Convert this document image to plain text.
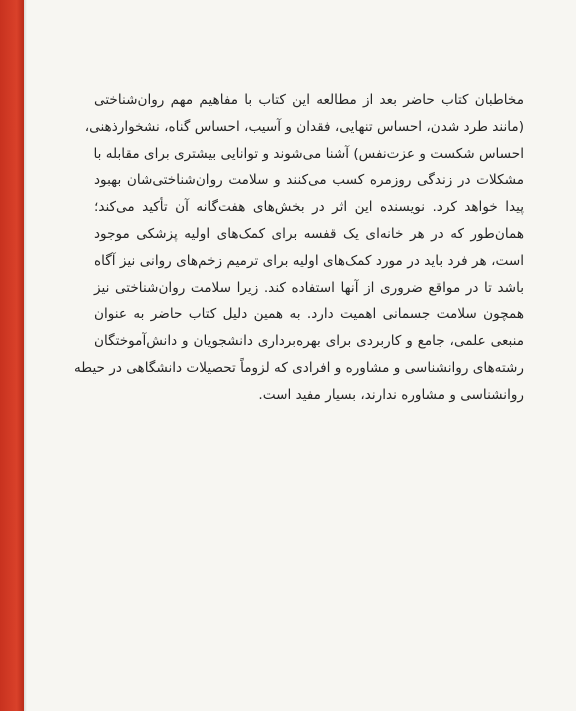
مخاطبان کتاب حاضر بعد از مطالعه این کتاب با مفاهیم مهم روان‌شناختی
(مانند طرد شدن، احساس تنهایی، فقدان و آسیب، احساس گناه، نشخوارذهنی،
احساس شکست و عزت‌نفس) آشنا می‌شوند و توانایی بیشتری برای مقابله با
مشکلات در زندگی روزمره کسب می‌کنند و سلامت روان‌شناختی‌شان بهبود
پیدا خواهد کرد. نویسنده این اثر در بخش‌های هفت‌گانه آن تأکید می‌کند؛
همان‌طور که در هر خانه‌ای یک قفسه برای کمک‌های اولیه پزشکی موجود
است، هر فرد باید در مورد کمک‌های اولیه برای ترمیم زخم‌های روانی نیز آگاه
باشد تا در مواقع ضروری از آنها استفاده کند. زیرا سلامت روان‌شناختی نیز
همچون سلامت جسمانی اهمیت دارد. به همین دلیل کتاب حاضر به عنوان
منبعی علمی، جامع و کاربردی برای بهره‌برداری دانشجویان و دانش‌آموختگان
رشته‌های روانشناسی و مشاوره و افرادی که لزوماً تحصیلات دانشگاهی در حیطه
روانشناسی و مشاوره ندارند، بسیار مفید است.
